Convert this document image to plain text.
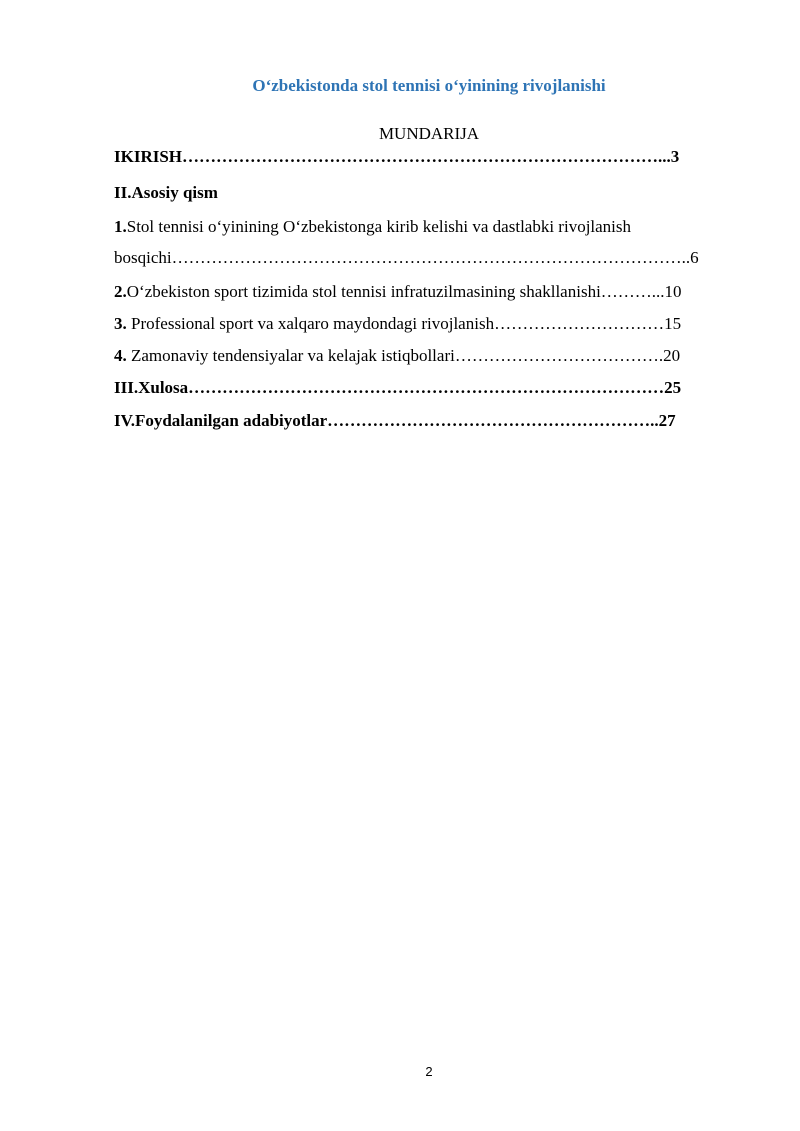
O‘zbekistonda stol tennisi o‘yinining rivojlanishi
MUNDARIJA
IKIRISH…………………………………………………………………………...3
II.Asosiy qism
1.Stol tennisi o‘yinining O‘zbekistonga kirib kelishi va dastlabki rivojlanish
bosqichi………………………………………………………………………………..6
2.O‘zbekiston sport tizimida stol tennisi infratuzilmasining shakllanishi………...10
3. Professional sport va xalqaro maydondagi rivojlanish…………………………15
4. Zamonaviy tendensiyalar va kelajak istiqbollari……………………………….20
III.Xulosa…………………………………………………………………………25
IV.Foydalanilgan adabiyotlar…………………………………………………..27
2
